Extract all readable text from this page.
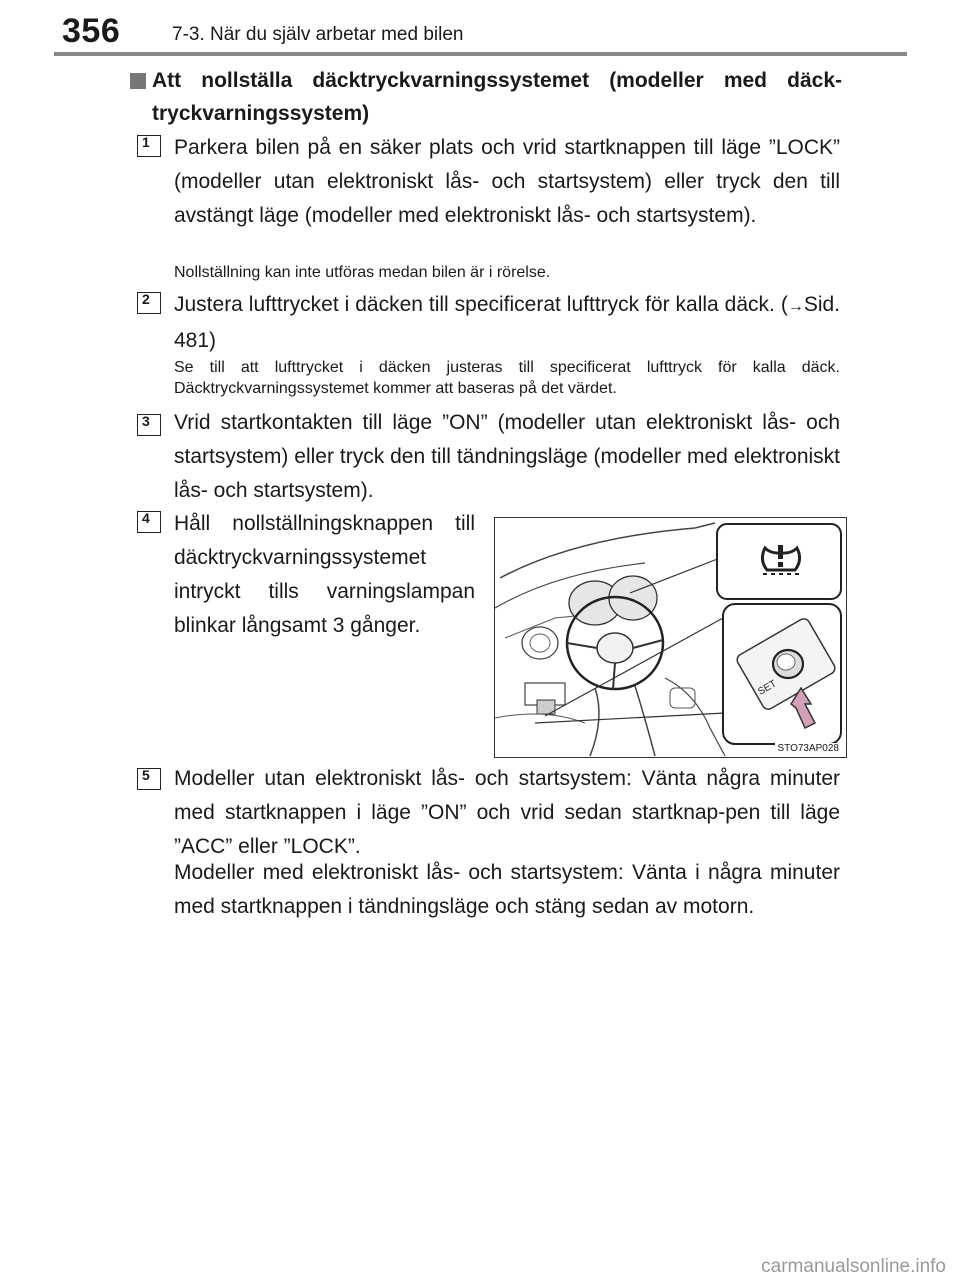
356	7-3. När du själv arbetar med bilen
Att nollställa däcktryckvarningssystemet (modeller med däck-tryckvarningssystem)
1	Parkera bilen på en säker plats och vrid startknappen till läge ”LOCK” (modeller utan elektroniskt lås- och startsystem) eller tryck den till avstängt läge (modeller med elektroniskt lås- och startsystem).
Nollställning kan inte utföras medan bilen är i rörelse.
2	Justera lufttrycket i däcken till specificerat lufttryck för kalla däck. (→Sid. 481)
Se till att lufttrycket i däcken justeras till specificerat lufttryck för kalla däck. Däcktryckvarningssystemet kommer att baseras på det värdet.
3	Vrid startkontakten till läge ”ON” (modeller utan elektroniskt lås- och startsystem) eller tryck den till tändningsläge (modeller med elektroniskt lås- och startsystem).
4	Håll nollställningsknappen till däcktryckvarningssystemet intryckt tills varningslampan blinkar långsamt 3 gånger.
SET
STO73AP028
5	Modeller utan elektroniskt lås- och startsystem: Vänta några minuter med startknappen i läge ”ON” och vrid sedan startknap-pen till läge ”ACC” eller ”LOCK”.
Modeller med elektroniskt lås- och startsystem: Vänta i några minuter med startknappen i tändningsläge och stäng sedan av motorn.
carmanualsonline.info
